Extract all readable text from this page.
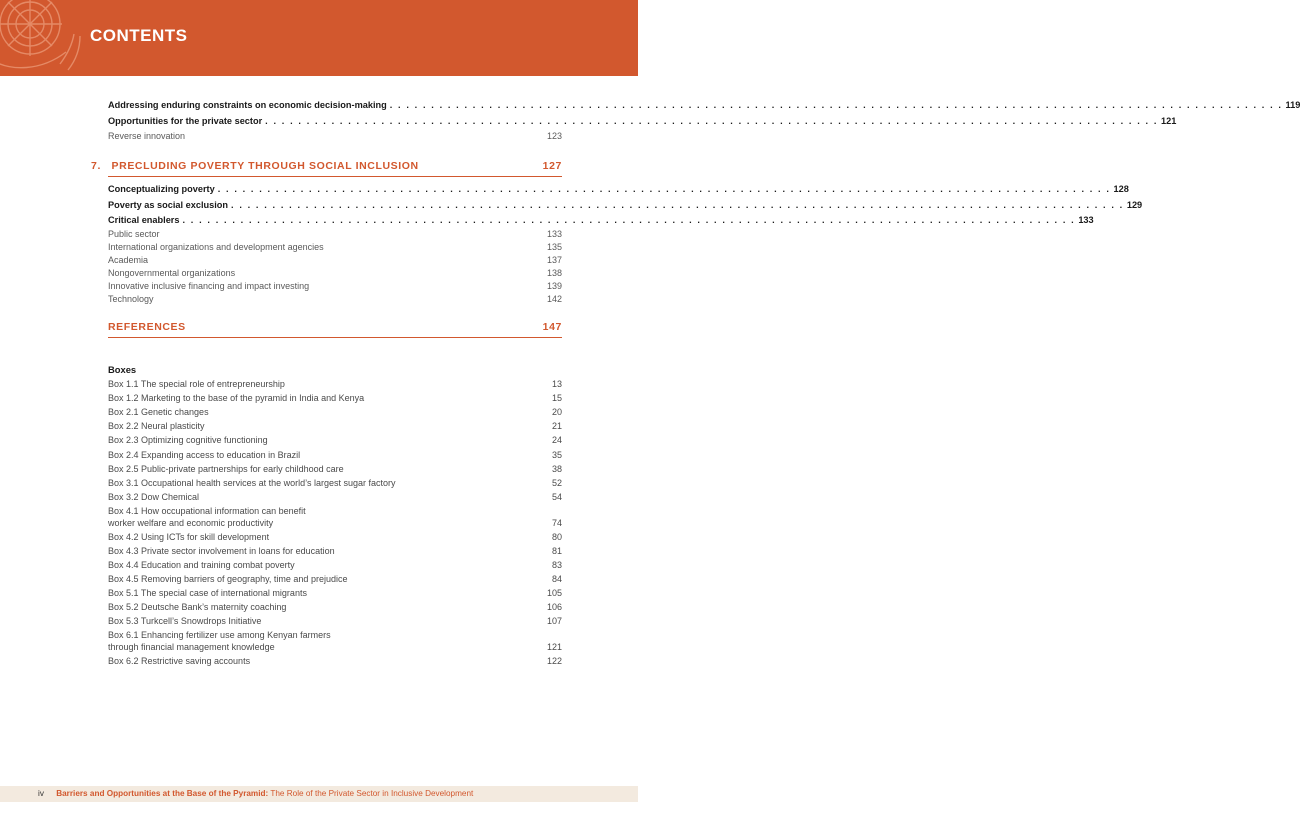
CONTENTS
Addressing enduring constraints on economic decision-making . . . . . . . . . . . . . . . . . . . . . . . . . . . . . . . . . . . . . . . . . . . . . . . . . . . . . . . . . . . . . . . . . . . . . . . . . . . . . . . . . . . . . . . . . . . . . . . . . . . . . . . . . . . . 119
Opportunities for the private sector . . . . . . . . . . . . . . . . . . . . . . . . . . . . . . . . . . . . . . . . . . . . . . . . . . . . . . . . . . . . . . . . . . . . . . . . . . . . . . . . . . . . . . . . . . . . . . . . . . . . . . . . . . . . 121
Reverse innovation	123
7. PRECLUDING POVERTY THROUGH SOCIAL INCLUSION	127
Conceptualizing poverty . . . . . . . . . . . . . . . . . . . . . . . . . . . . . . . . . . . . . . . . . . . . . . . . . . . . . . . . . . . . . . . . . . . . . . . . . . . . . . . . . . . . . . . . . . . . . . . . . . . . . . . . . . . . 128
Poverty as social exclusion . . . . . . . . . . . . . . . . . . . . . . . . . . . . . . . . . . . . . . . . . . . . . . . . . . . . . . . . . . . . . . . . . . . . . . . . . . . . . . . . . . . . . . . . . . . . . . . . . . . . . . . . . . . . 129
Critical enablers . . . . . . . . . . . . . . . . . . . . . . . . . . . . . . . . . . . . . . . . . . . . . . . . . . . . . . . . . . . . . . . . . . . . . . . . . . . . . . . . . . . . . . . . . . . . . . . . . . . . . . . . . . . . 133
Public sector	133
International organizations and development agencies	135
Academia	137
Nongovernmental organizations	138
Innovative inclusive financing and impact investing	139
Technology	142
REFERENCES	147
Boxes
Box 1.1 The special role of entrepreneurship	13
Box 1.2 Marketing to the base of the pyramid in India and Kenya	15
Box 2.1 Genetic changes	20
Box 2.2 Neural plasticity	21
Box 2.3 Optimizing cognitive functioning	24
Box 2.4 Expanding access to education in Brazil	35
Box 2.5 Public-private partnerships for early childhood care	38
Box 3.1 Occupational health services at the world’s largest sugar factory	52
Box 3.2 Dow Chemical	54
Box 4.1 How occupational information can benefit
worker welfare and economic productivity	74
Box 4.2 Using ICTs for skill development	80
Box 4.3 Private sector involvement in loans for education	81
Box 4.4 Education and training combat poverty	83
Box 4.5 Removing barriers of geography, time and prejudice	84
Box 5.1 The special case of international migrants	105
Box 5.2 Deutsche Bank’s maternity coaching	106
Box 5.3 Turkcell’s Snowdrops Initiative	107
Box 6.1 Enhancing fertilizer use among Kenyan farmers
through financial management knowledge	121
Box 6.2 Restrictive saving accounts	122
iv Barriers and Opportunities at the Base of the Pyramid: The Role of the Private Sector in Inclusive Development
